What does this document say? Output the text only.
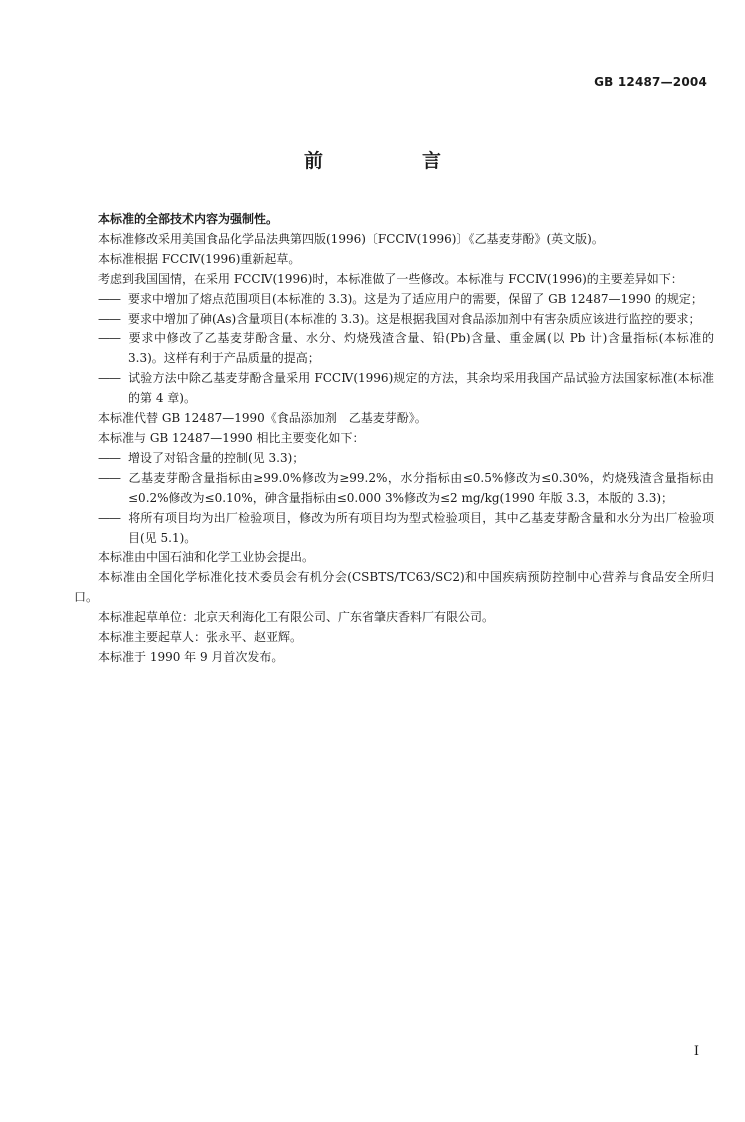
GB 12487—2004
前　言

本标准的全部技术内容为强制性。

本标准修改采用美国食品化学品法典第四版(1996)〔FCCⅣ(1996)〕《乙基麦芽酚》(英文版)。

本标准根据 FCCⅣ(1996)重新起草。

考虑到我国国情，在采用 FCCⅣ(1996)时，本标准做了一些修改。本标准与 FCCⅣ(1996)的主要差异如下：

—— 要求中增加了熔点范围项目(本标准的 3.3)。这是为了适应用户的需要，保留了 GB 12487—1990 的规定；

—— 要求中增加了砷(As)含量项目(本标准的 3.3)。这是根据我国对食品添加剂中有害杂质应该进行监控的要求；

—— 要求中修改了乙基麦芽酚含量、水分、灼烧残渣含量、铅(Pb)含量、重金属(以 Pb 计)含量指标(本标准的 3.3)。这样有利于产品质量的提高；

—— 试验方法中除乙基麦芽酚含量采用 FCCⅣ(1996)规定的方法，其余均采用我国产品试验方法国家标准(本标准的第 4 章)。

本标准代替 GB 12487—1990《食品添加剂　乙基麦芽酚》。

本标准与 GB 12487—1990 相比主要变化如下：

—— 增设了对铅含量的控制(见 3.3)；

—— 乙基麦芽酚含量指标由≥99.0%修改为≥99.2%，水分指标由≤0.5%修改为≤0.30%，灼烧残渣含量指标由≤0.2%修改为≤0.10%，砷含量指标由≤0.000 3%修改为≤2 mg/kg(1990 年版 3.3，本版的 3.3)；

—— 将所有项目均为出厂检验项目，修改为所有项目均为型式检验项目，其中乙基麦芽酚含量和水分为出厂检验项目(见 5.1)。

本标准由中国石油和化学工业协会提出。

本标准由全国化学标准化技术委员会有机分会(CSBTS/TC63/SC2)和中国疾病预防控制中心营养与食品安全所归口。

本标准起草单位：北京天利海化工有限公司、广东省肇庆香料厂有限公司。

本标准主要起草人：张永平、赵亚辉。

本标准于 1990 年 9 月首次发布。

I
